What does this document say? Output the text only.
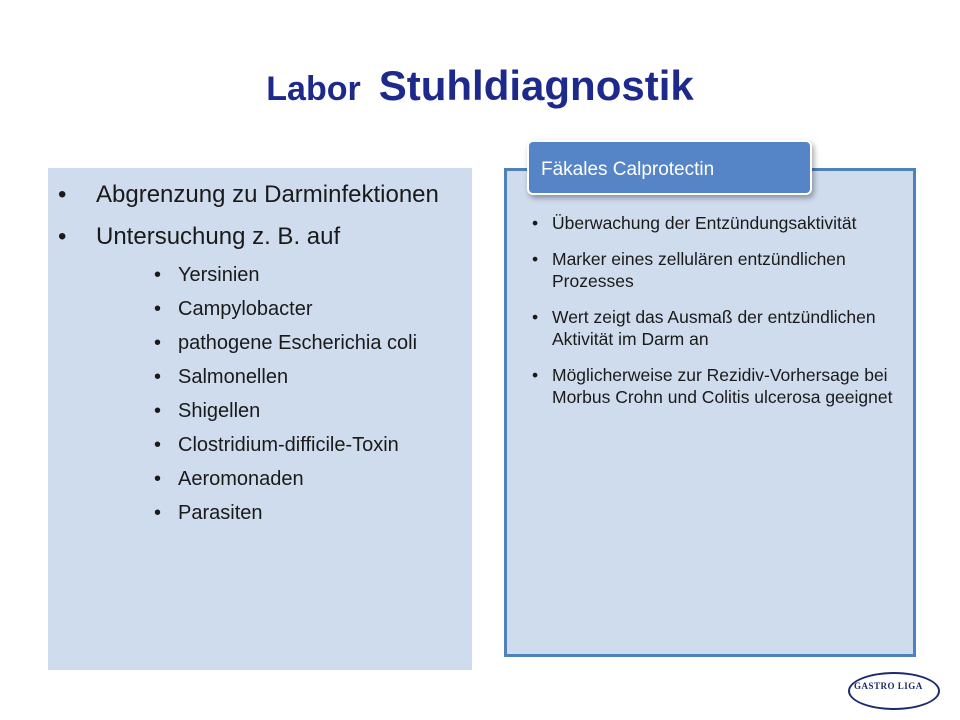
Labor Stuhldiagnostik
• Abgrenzung zu Darminfektionen
• Untersuchung z. B. auf
• Yersinien
• Campylobacter
• pathogene Escherichia coli
• Salmonellen
• Shigellen
• Clostridium-difficile-Toxin
• Aeromonaden
• Parasiten
Fäkales Calprotectin
• Überwachung der Entzündungsaktivität
• Marker eines zellulären entzündlichen Prozesses
• Wert zeigt das Ausmaß der entzündlichen Aktivität im Darm an
• Möglicherweise zur Rezidiv-Vorhersage bei Morbus Crohn und Colitis ulcerosa geeignet
GASTRO LIGA
